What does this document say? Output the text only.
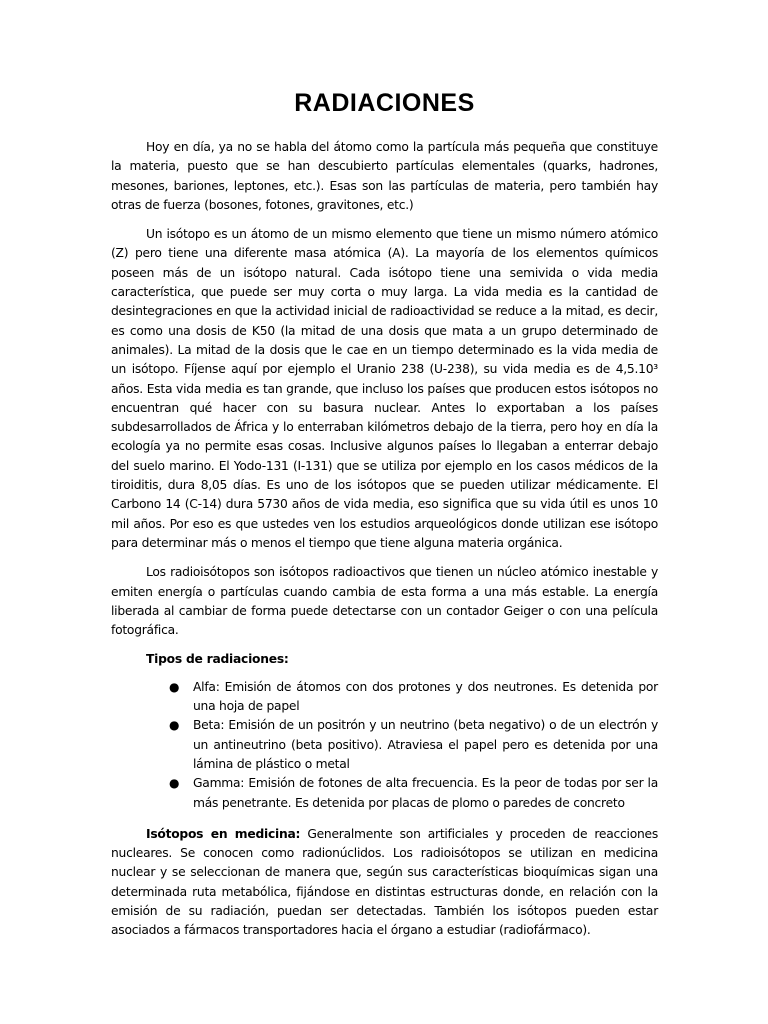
RADIACIONES

Hoy en día, ya no se habla del átomo como la partícula más pequeña que constituye la materia, puesto que se han descubierto partículas elementales (quarks, hadrones, mesones, bariones, leptones, etc.). Esas son las partículas de materia, pero también hay otras de fuerza (bosones, fotones, gravitones, etc.)

Un isótopo es un átomo de un mismo elemento que tiene un mismo número atómico (Z) pero tiene una diferente masa atómica (A). La mayoría de los elementos químicos poseen más de un isótopo natural. Cada isótopo tiene una semivida o vida media característica, que puede ser muy corta o muy larga. La vida media es la cantidad de desintegraciones en que la actividad inicial de radioactividad se reduce a la mitad, es decir, es como una dosis de K50 (la mitad de una dosis que mata a un grupo determinado de animales). La mitad de la dosis que le cae en un tiempo determinado es la vida media de un isótopo. Fíjense aquí por ejemplo el Uranio 238 (U-238), su vida media es de 4,5.10³ años. Esta vida media es tan grande, que incluso los países que producen estos isótopos no encuentran qué hacer con su basura nuclear. Antes lo exportaban a los países subdesarrollados de África y lo enterraban kilómetros debajo de la tierra, pero hoy en día la ecología ya no permite esas cosas. Inclusive algunos países lo llegaban a enterrar debajo del suelo marino. El Yodo-131 (I-131) que se utiliza por ejemplo en los casos médicos de la tiroiditis, dura 8,05 días. Es uno de los isótopos que se pueden utilizar médicamente. El Carbono 14 (C-14) dura 5730 años de vida media, eso significa que su vida útil es unos 10 mil años. Por eso es que ustedes ven los estudios arqueológicos donde utilizan ese isótopo para determinar más o menos el tiempo que tiene alguna materia orgánica.

Los radioisótopos son isótopos radioactivos que tienen un núcleo atómico inestable y emiten energía o partículas cuando cambia de esta forma a una más estable. La energía liberada al cambiar de forma puede detectarse con un contador Geiger o con una película fotográfica.

Tipos de radiaciones:

● Alfa: Emisión de átomos con dos protones y dos neutrones. Es detenida por una hoja de papel
● Beta: Emisión de un positrón y un neutrino (beta negativo) o de un electrón y un antineutrino (beta positivo). Atraviesa el papel pero es detenida por una lámina de plástico o metal
● Gamma: Emisión de fotones de alta frecuencia. Es la peor de todas por ser la más penetrante. Es detenida por placas de plomo o paredes de concreto

Isótopos en medicina: Generalmente son artificiales y proceden de reacciones nucleares. Se conocen como radionúclidos. Los radioisótopos se utilizan en medicina nuclear y se seleccionan de manera que, según sus características bioquímicas sigan una determinada ruta metabólica, fijándose en distintas estructuras donde, en relación con la emisión de su radiación, puedan ser detectadas. También los isótopos pueden estar asociados a fármacos transportadores hacia el órgano a estudiar (radiofármaco).
